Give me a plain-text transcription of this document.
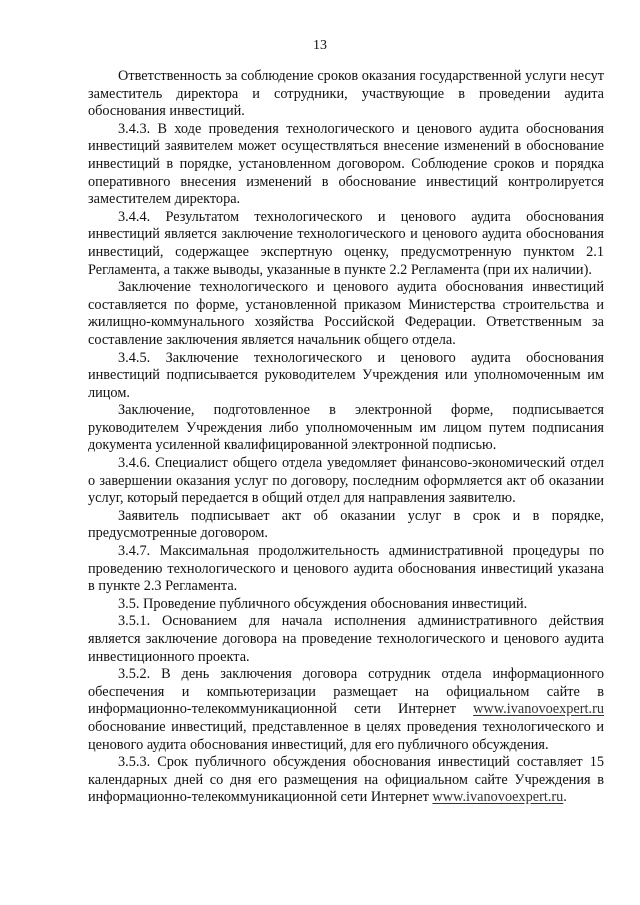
13

Ответственность за соблюдение сроков оказания государственной услуги несут заместитель директора и сотрудники, участвующие в проведении аудита обоснования инвестиций.

3.4.3. В ходе проведения технологического и ценового аудита обоснования инвестиций заявителем может осуществляться внесение изменений в обоснование инвестиций в порядке, установленном договором. Соблюдение сроков и порядка оперативного внесения изменений в обоснование инвестиций контролируется заместителем директора.

3.4.4. Результатом технологического и ценового аудита обоснования инвестиций является заключение технологического и ценового аудита обоснования инвестиций, содержащее экспертную оценку, предусмотренную пунктом 2.1 Регламента, а также выводы, указанные в пункте 2.2 Регламента (при их наличии).

Заключение технологического и ценового аудита обоснования инвестиций составляется по форме, установленной приказом Министерства строительства и жилищно-коммунального хозяйства Российской Федерации. Ответственным за составление заключения является начальник общего отдела.

3.4.5. Заключение технологического и ценового аудита обоснования инвестиций подписывается руководителем Учреждения или уполномоченным им лицом.

Заключение, подготовленное в электронной форме, подписывается руководителем Учреждения либо уполномоченным им лицом путем подписания документа усиленной квалифицированной электронной подписью.

3.4.6. Специалист общего отдела уведомляет финансово-экономический отдел о завершении оказания услуг по договору, последним оформляется акт об оказании услуг, который передается в общий отдел для направления заявителю.

Заявитель подписывает акт об оказании услуг в срок и в порядке, предусмотренные договором.

3.4.7. Максимальная продолжительность административной процедуры по проведению технологического и ценового аудита обоснования инвестиций указана в пункте 2.3 Регламента.

3.5. Проведение публичного обсуждения обоснования инвестиций.

3.5.1. Основанием для начала исполнения административного действия является заключение договора на проведение технологического и ценового аудита инвестиционного проекта.

3.5.2. В день заключения договора сотрудник отдела информационного обеспечения и компьютеризации размещает на официальном сайте в информационно-телекоммуникационной сети Интернет www.ivanovoexpert.ru обоснование инвестиций, представленное в целях проведения технологического и ценового аудита обоснования инвестиций, для его публичного обсуждения.

3.5.3. Срок публичного обсуждения обоснования инвестиций составляет 15 календарных дней со дня его размещения на официальном сайте Учреждения в информационно-телекоммуникационной сети Интернет www.ivanovoexpert.ru.
